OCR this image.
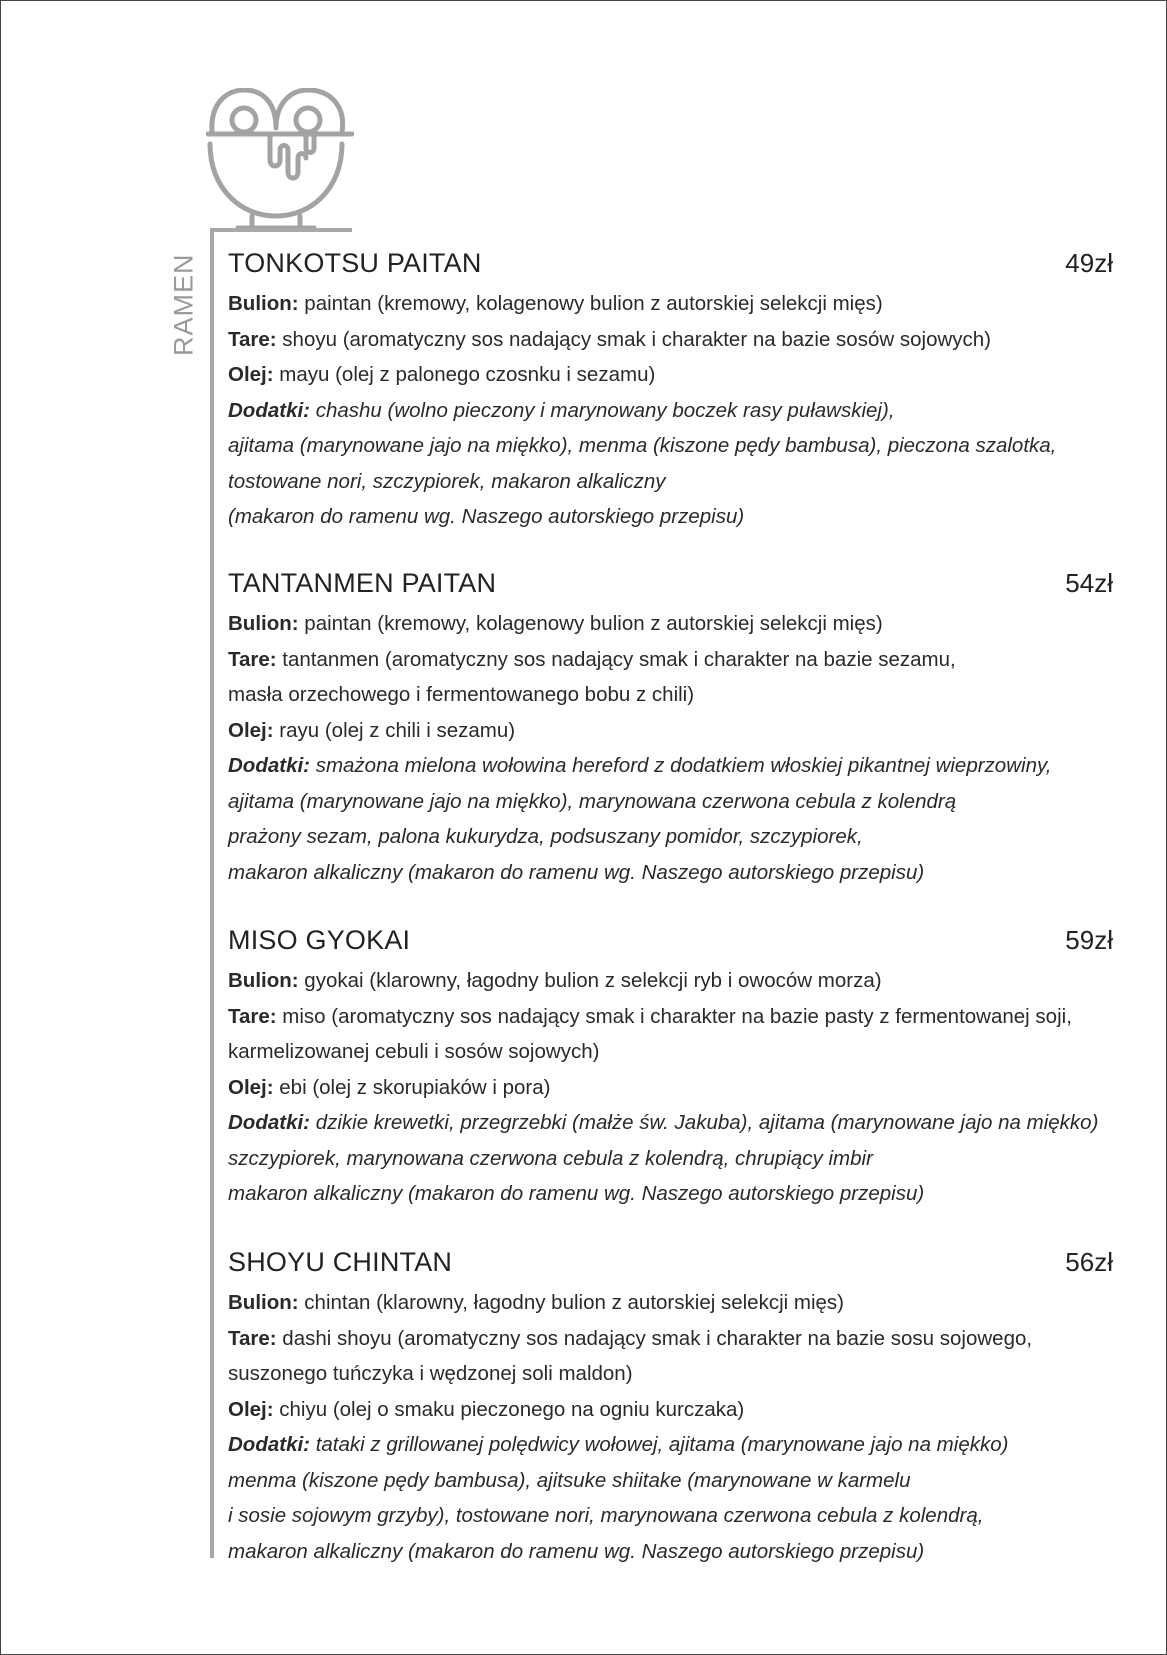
RAMEN TONKOTSU PAITAN	49zł
Bulion: paintan (kremowy, kolagenowy bulion z autorskiej selekcji mięs)
Tare: shoyu (aromatyczny sos nadający smak i charakter na bazie sosów sojowych)
Olej: mayu (olej z palonego czosnku i sezamu)
Dodatki: chashu (wolno pieczony i marynowany boczek rasy puławskiej),
ajitama (marynowane jajo na miękko), menma (kiszone pędy bambusa), pieczona szalotka,
tostowane nori, szczypiorek, makaron alkaliczny
(makaron do ramenu wg. Naszego autorskiego przepisu)
TANTANMEN PAITAN	54zł
Bulion: paintan (kremowy, kolagenowy bulion z autorskiej selekcji mięs)
Tare: tantanmen (aromatyczny sos nadający smak i charakter na bazie sezamu,
masła orzechowego i fermentowanego bobu z chili)
Olej: rayu (olej z chili i sezamu)
Dodatki: smażona mielona wołowina hereford z dodatkiem włoskiej pikantnej wieprzowiny,
ajitama (marynowane jajo na miękko), marynowana czerwona cebula z kolendrą
prażony sezam, palona kukurydza, podsuszany pomidor, szczypiorek,
makaron alkaliczny (makaron do ramenu wg. Naszego autorskiego przepisu)
MISO GYOKAI	59zł
Bulion: gyokai (klarowny, łagodny bulion z selekcji ryb i owoców morza)
Tare: miso (aromatyczny sos nadający smak i charakter na bazie pasty z fermentowanej soji,
karmelizowanej cebuli i sosów sojowych)
Olej: ebi (olej z skorupiaków i pora)
Dodatki: dzikie krewetki, przegrzebki (małże św. Jakuba), ajitama (marynowane jajo na miękko)
szczypiorek, marynowana czerwona cebula z kolendrą, chrupiący imbir
makaron alkaliczny (makaron do ramenu wg. Naszego autorskiego przepisu)
SHOYU CHINTAN	56zł
Bulion: chintan (klarowny, łagodny bulion z autorskiej selekcji mięs)
Tare: dashi shoyu (aromatyczny sos nadający smak i charakter na bazie sosu sojowego,
suszonego tuńczyka i wędzonej soli maldon)
Olej: chiyu (olej o smaku pieczonego na ogniu kurczaka)
Dodatki: tataki z grillowanej polędwicy wołowej, ajitama (marynowane jajo na miękko)
menma (kiszone pędy bambusa), ajitsuke shiitake (marynowane w karmelu
i sosie sojowym grzyby), tostowane nori, marynowana czerwona cebula z kolendrą,
makaron alkaliczny (makaron do ramenu wg. Naszego autorskiego przepisu)
